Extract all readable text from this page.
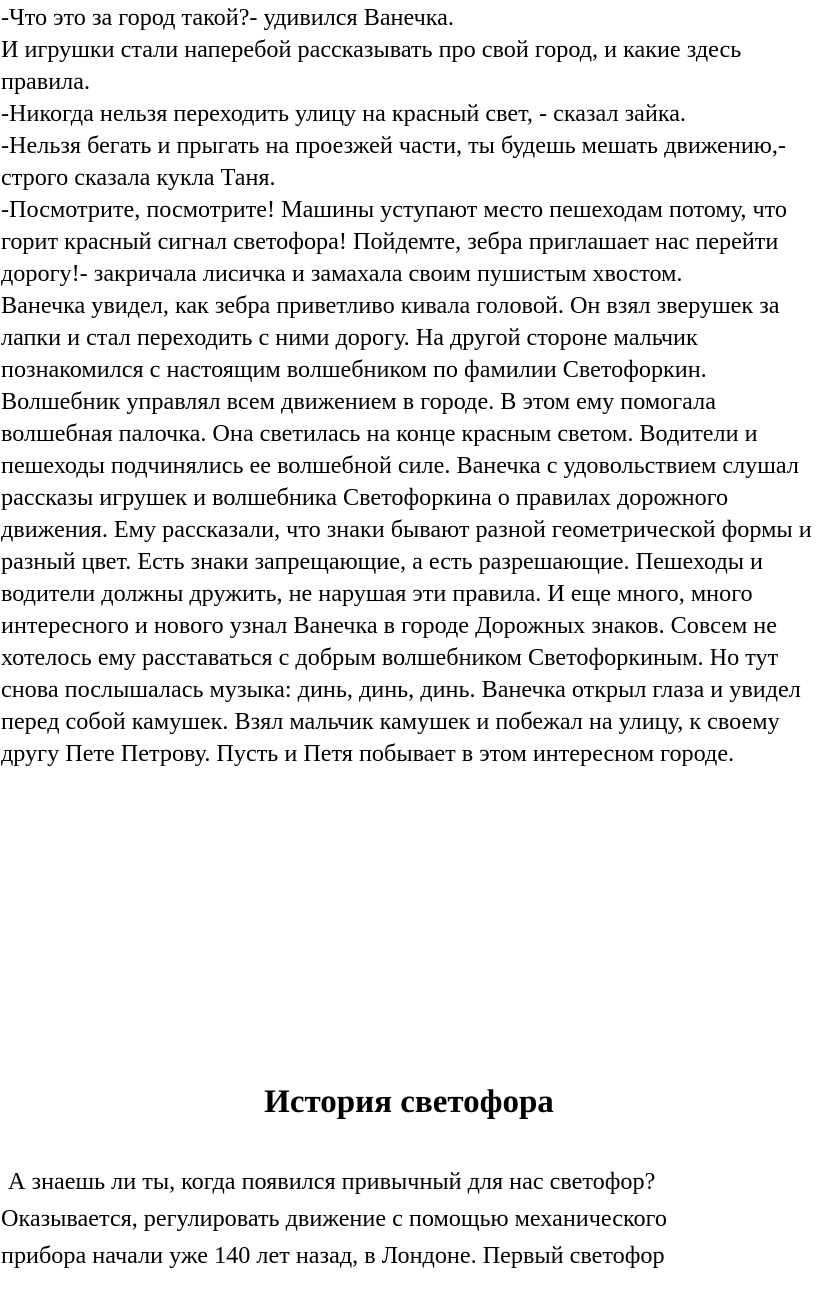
-Что это за город такой?- удивился Ванечка.

И игрушки стали наперебой рассказывать про свой город, и какие здесь правила.

-Никогда нельзя переходить улицу на красный свет, - сказал зайка.

-Нельзя бегать и прыгать на проезжей части, ты будешь мешать движению,- строго сказала кукла Таня.

-Посмотрите, посмотрите! Машины уступают место пешеходам потому, что горит красный сигнал светофора! Пойдемте, зебра приглашает нас перейти дорогу!- закричала лисичка и замахала своим пушистым хвостом.

Ванечка увидел, как зебра приветливо кивала головой. Он взял зверушек за лапки и стал переходить с ними дорогу. На другой стороне мальчик познакомился с настоящим волшебником по фамилии Светофоркин. Волшебник управлял всем движением в городе. В этом ему помогала волшебная палочка. Она светилась на конце красным светом. Водители и пешеходы подчинялись ее волшебной силе. Ванечка с удовольствием слушал рассказы игрушек и волшебника Светофоркина о правилах дорожного движения. Ему рассказали, что знаки бывают разной геометрической формы и разный цвет. Есть знаки запрещающие, а есть разрешающие. Пешеходы и водители должны дружить, не нарушая эти правила. И еще много, много интересного и нового узнал Ванечка в городе Дорожных знаков. Совсем не хотелось ему расставаться с добрым волшебником Светофоркиным. Но тут снова послышалась музыка: динь, динь, динь. Ванечка открыл глаза и увидел перед собой камушек. Взял мальчик камушек и побежал на улицу, к своему другу Пете Петрову. Пусть и Петя побывает в этом интересном городе.

История светофора

А знаешь ли ты, когда появился привычный для нас светофор?

Оказывается, регулировать движение с помощью механического

прибора начали уже 140 лет назад, в Лондоне. Первый светофор
